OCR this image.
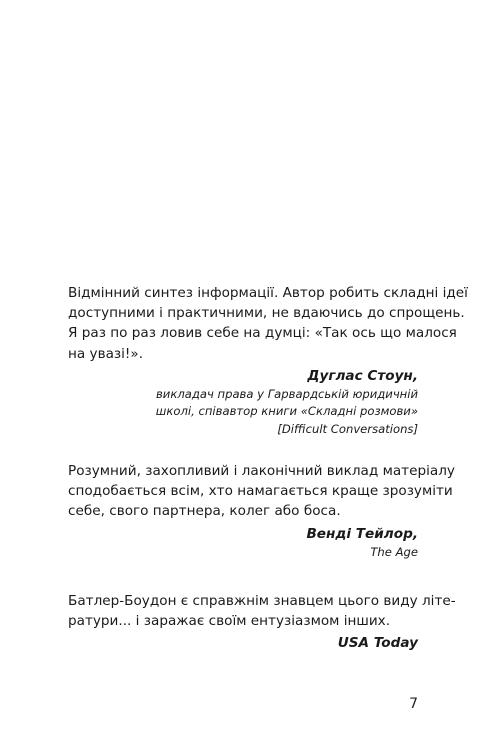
Відмінний синтез інформації. Автор робить складні ідеї
доступними і практичними, не вдаючись до спрощень.
Я раз по раз ловив себе на думці: «Так ось що малося
на увазі!».

Дуглас Стоун,
викладач права у Гарвардській юридичній
школі, співавтор книги «Складні розмови»
[Difficult Conversations]

Розумний, захопливий і лаконічний виклад матеріалу
сподобається всім, хто намагається краще зрозуміти
себе, свого партнера, колег або боса.

Венді Тейлор,
The Age

Батлер-Боудон є справжнім знавцем цього виду літе-
ратури... і заражає своїм ентузіазмом інших.

USA Today
7
